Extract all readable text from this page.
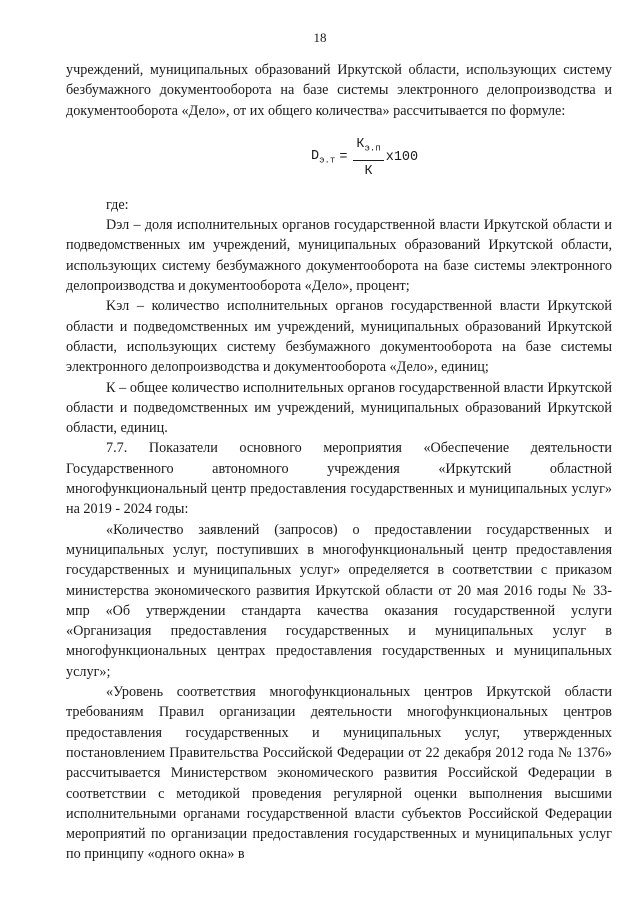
18

учреждений, муниципальных образований Иркутской области, использующих систему безбумажного документооборота на базе системы электронного делопроизводства и документооборота «Дело», от их общего количества» рассчитывается по формуле:

$D_{э.т} = \frac{К_{э.п}}{К} x100$

где:

Dэл – доля исполнительных органов государственной власти Иркутской области и подведомственных им учреждений, муниципальных образований Иркутской области, использующих систему безбумажного документооборота на базе системы электронного делопроизводства и документооборота «Дело», процент;

Kэл – количество исполнительных органов государственной власти Иркутской области и подведомственных им учреждений, муниципальных образований Иркутской области, использующих систему безбумажного документооборота на базе системы электронного делопроизводства и документооборота «Дело», единиц;

К – общее количество исполнительных органов государственной власти Иркутской области и подведомственных им учреждений, муниципальных образований Иркутской области, единиц.

7.7. Показатели основного мероприятия «Обеспечение деятельности Государственного автономного учреждения «Иркутский областной многофункциональный центр предоставления государственных и муниципальных услуг» на 2019 - 2024 годы:

«Количество заявлений (запросов) о предоставлении государственных и муниципальных услуг, поступивших в многофункциональный центр предоставления государственных и муниципальных услуг» определяется в соответствии с приказом министерства экономического развития Иркутской области от 20 мая 2016 годы № 33-мпр «Об утверждении стандарта качества оказания государственной услуги «Организация предоставления государственных и муниципальных услуг в многофункциональных центрах предоставления государственных и муниципальных услуг»;

«Уровень соответствия многофункциональных центров Иркутской области требованиям Правил организации деятельности многофункциональных центров предоставления государственных и муниципальных услуг, утвержденных постановлением Правительства Российской Федерации от 22 декабря 2012 года № 1376» рассчитывается Министерством экономического развития Российской Федерации в соответствии с методикой проведения регулярной оценки выполнения высшими исполнительными органами государственной власти субъектов Российской Федерации мероприятий по организации предоставления государственных и муниципальных услуг по принципу «одного окна» в
